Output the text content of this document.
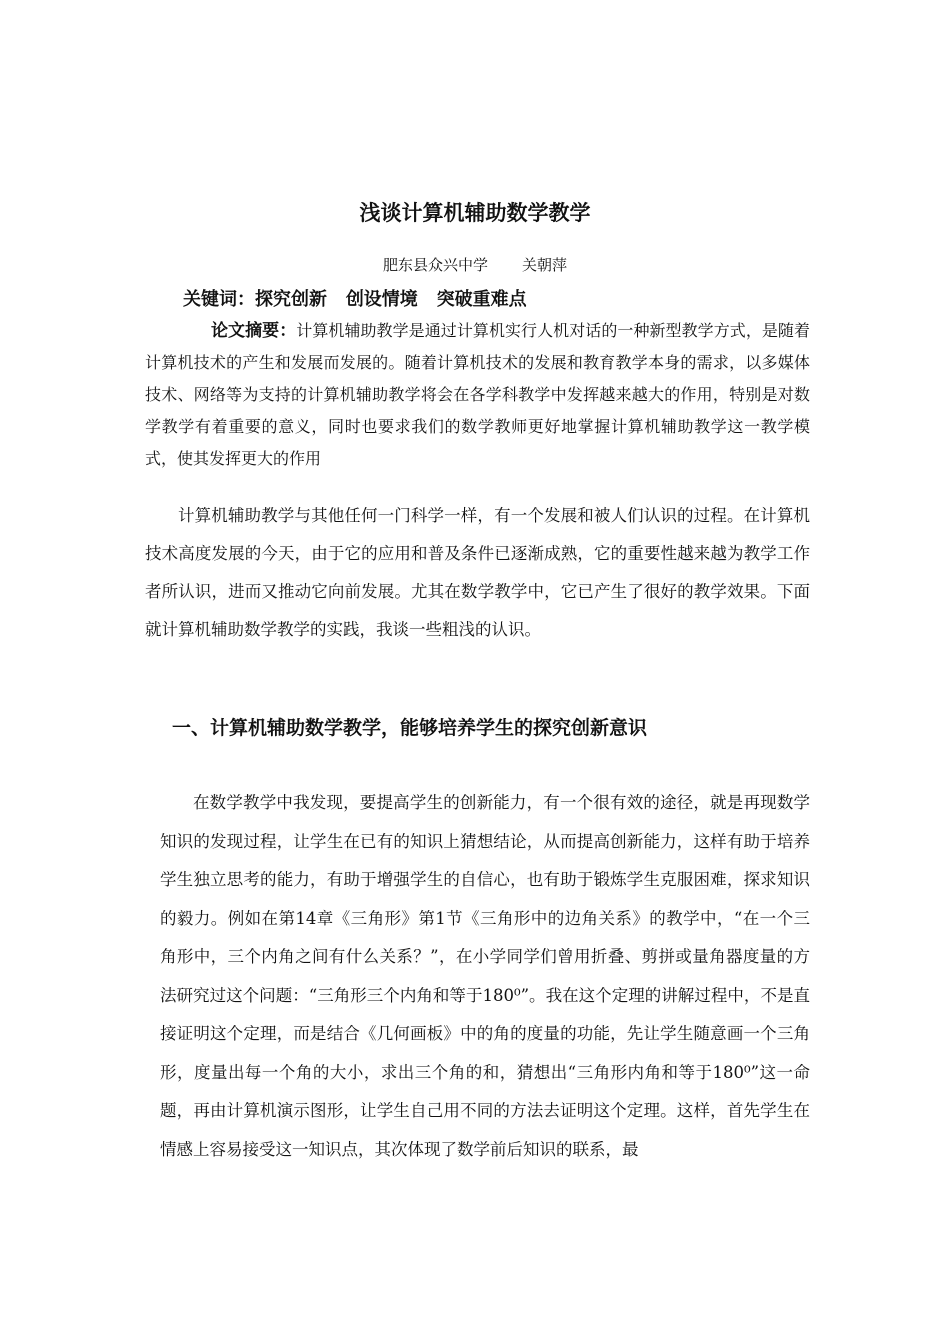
浅谈计算机辅助数学教学
肥东县众兴中学 关朝萍
关键词：探究创新 创设情境 突破重难点
论文摘要：计算机辅助教学是通过计算机实行人机对话的一种新型教学方式，是随着计算机技术的产生和发展而发展的。随着计算机技术的发展和教育教学本身的需求，以多媒体技术、网络等为支持的计算机辅助教学将会在各学科教学中发挥越来越大的作用，特别是对数学教学有着重要的意义，同时也要求我们的数学教师更好地掌握计算机辅助教学这一教学模式，使其发挥更大的作用
计算机辅助教学与其他任何一门科学一样，有一个发展和被人们认识的过程。在计算机技术高度发展的今天，由于它的应用和普及条件已逐渐成熟，它的重要性越来越为教学工作者所认识，进而又推动它向前发展。尤其在数学教学中，它已产生了很好的教学效果。下面就计算机辅助数学教学的实践，我谈一些粗浅的认识。
一、计算机辅助数学教学，能够培养学生的探究创新意识
在数学教学中我发现，要提高学生的创新能力，有一个很有效的途径，就是再现数学知识的发现过程，让学生在已有的知识上猜想结论，从而提高创新能力，这样有助于培养学生独立思考的能力，有助于增强学生的自信心，也有助于锻炼学生克服困难，探求知识的毅力。例如在第14章《三角形》第1节《三角形中的边角关系》的教学中，“在一个三角形中，三个内角之间有什么关系？”，在小学同学们曾用折叠、剪拼或量角器度量的方法研究过这个问题：“三角形三个内角和等于180⁰”。我在这个定理的讲解过程中，不是直接证明这个定理，而是结合《几何画板》中的角的度量的功能，先让学生随意画一个三角形，度量出每一个角的大小，求出三个角的和，猜想出“三角形内角和等于180⁰”这一命题，再由计算机演示图形，让学生自己用不同的方法去证明这个定理。这样，首先学生在情感上容易接受这一知识点，其次体现了数学前后知识的联系，最
